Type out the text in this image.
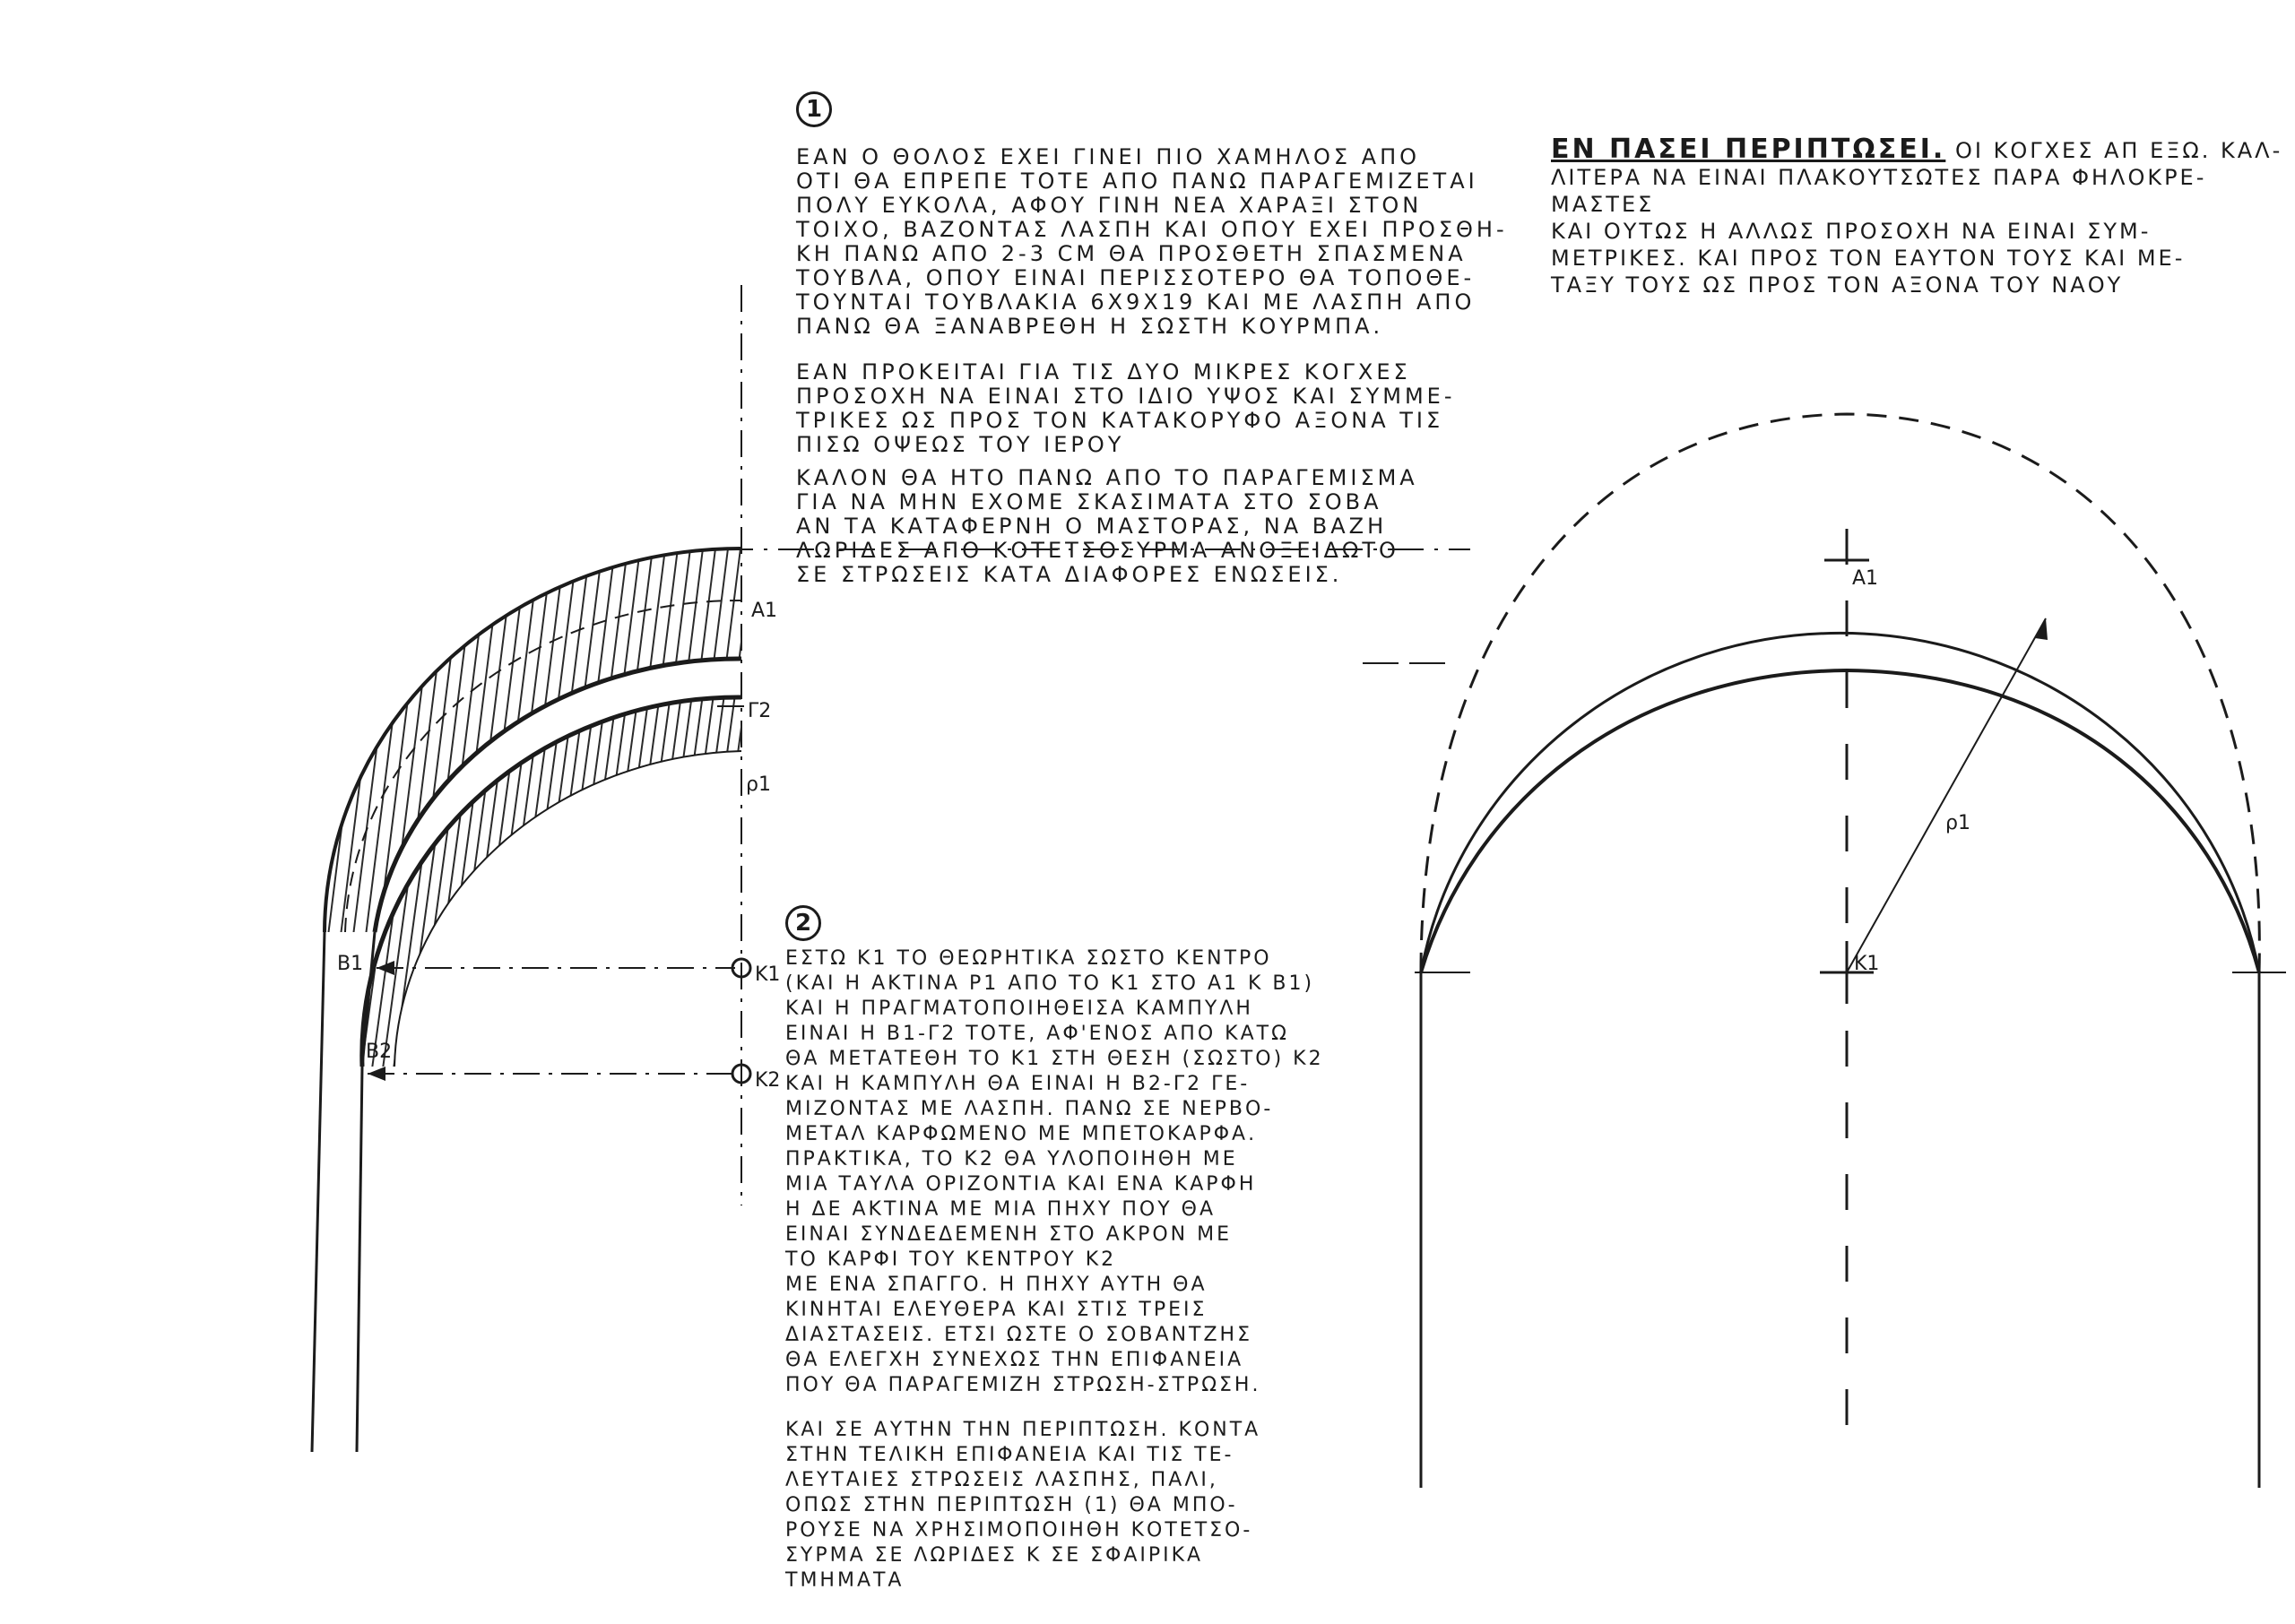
1

ΕΑΝ Ο ΘΟΛΟΣ ΕΧΕΙ ΓΙΝΕΙ ΠΙΟ ΧΑΜΗΛΟΣ ΑΠΟ

ΟΤΙ ΘΑ ΕΠΡΕΠΕ ΤΟΤΕ ΑΠΟ ΠΑΝΩ ΠΑΡΑΓΕΜΙΖΕΤΑΙ

ΠΟΛΥ ΕΥΚΟΛΑ, ΑΦΟΥ ΓΙΝΗ ΝΕΑ ΧΑΡΑΞΙ ΣΤΟΝ

ΤΟΙΧΟ, ΒΑΖΟΝΤΑΣ ΛΑΣΠΗ ΚΑΙ ΟΠΟΥ ΕΧΕΙ ΠΡΟΣΘΗ-

ΚΗ ΠΑΝΩ ΑΠΟ 2-3 CM ΘΑ ΠΡΟΣΘΕΤΗ ΣΠΑΣΜΕΝΑ

ΤΟΥΒΛΑ, ΟΠΟΥ ΕΙΝΑΙ ΠΕΡΙΣΣΟΤΕΡΟ ΘΑ ΤΟΠΟΘΕ-

ΤΟΥΝΤΑΙ ΤΟΥΒΛΑΚΙΑ 6X9X19 ΚΑΙ ΜΕ ΛΑΣΠΗ ΑΠΟ

ΠΑΝΩ ΘΑ ΞΑΝΑΒΡΕΘΗ Η ΣΩΣΤΗ ΚΟΥΡΜΠΑ.

ΕΑΝ ΠΡΟΚΕΙΤΑΙ ΓΙΑ ΤΙΣ ΔΥΟ ΜΙΚΡΕΣ ΚΟΓΧΕΣ

ΠΡΟΣΟΧΗ ΝΑ ΕΙΝΑΙ ΣΤΟ ΙΔΙΟ ΥΨΟΣ ΚΑΙ ΣΥΜΜΕ-

ΤΡΙΚΕΣ ΩΣ ΠΡΟΣ ΤΟΝ ΚΑΤΑΚΟΡΥΦΟ ΑΞΟΝΑ ΤΙΣ

ΠΙΣΩ ΟΨΕΩΣ ΤΟΥ ΙΕΡΟΥ

ΚΑΛΟΝ ΘΑ ΗΤΟ ΠΑΝΩ ΑΠΟ ΤΟ ΠΑΡΑΓΕΜΙΣΜΑ

ΓΙΑ ΝΑ ΜΗΝ ΕΧΟΜΕ ΣΚΑΣΙΜΑΤΑ ΣΤΟ ΣΟΒΑ

ΑΝ ΤΑ ΚΑΤΑΦΕΡΝΗ Ο ΜΑΣΤΟΡΑΣ, ΝΑ ΒΑΖΗ

ΛΩΡΙΔΕΣ ΑΠΟ ΚΟΤΕΤΣΟΣΥΡΜΑ ΑΝΟΞΕΙΔΩΤΟ

ΣΕ ΣΤΡΩΣΕΙΣ ΚΑΤΑ ΔΙΑΦΟΡΕΣ ΕΝΩΣΕΙΣ.

2

ΕΣΤΩ Κ1 ΤΟ ΘΕΩΡΗΤΙΚΑ ΣΩΣΤΟ ΚΕΝΤΡΟ

(ΚΑΙ Η ΑΚΤΙΝΑ Ρ1 ΑΠΟ ΤΟ Κ1 ΣΤΟ Α1 Κ Β1)

ΚΑΙ Η ΠΡΑΓΜΑΤΟΠΟΙΗΘΕΙΣΑ ΚΑΜΠΥΛΗ

ΕΙΝΑΙ Η Β1-Γ2 ΤΟΤΕ, ΑΦ'ΕΝΟΣ ΑΠΟ ΚΑΤΩ

ΘΑ ΜΕΤΑΤΕΘΗ ΤΟ Κ1 ΣΤΗ ΘΕΣΗ (ΣΩΣΤΟ) Κ2

ΚΑΙ Η ΚΑΜΠΥΛΗ ΘΑ ΕΙΝΑΙ Η Β2-Γ2 ΓΕ-

ΜΙΖΟΝΤΑΣ ΜΕ ΛΑΣΠΗ. ΠΑΝΩ ΣΕ ΝΕΡΒΟ-

ΜΕΤΑΛ ΚΑΡΦΩΜΕΝΟ ΜΕ ΜΠΕΤΟΚΑΡΦΑ.

ΠΡΑΚΤΙΚΑ, ΤΟ Κ2 ΘΑ ΥΛΟΠΟΙΗΘΗ ΜΕ

ΜΙΑ ΤΑΥΛΑ ΟΡΙΖΟΝΤΙΑ ΚΑΙ ΕΝΑ ΚΑΡΦΗ

Η ΔΕ ΑΚΤΙΝΑ ΜΕ ΜΙΑ ΠΗΧΥ ΠΟΥ ΘΑ

ΕΙΝΑΙ ΣΥΝΔΕΔΕΜΕΝΗ ΣΤΟ ΑΚΡΟΝ ΜΕ

ΤΟ ΚΑΡΦΙ ΤΟΥ ΚΕΝΤΡΟΥ Κ2

ΜΕ ΕΝΑ ΣΠΑΓΓΟ. Η ΠΗΧΥ ΑΥΤΗ ΘΑ

ΚΙΝΗΤΑΙ ΕΛΕΥΘΕΡΑ ΚΑΙ ΣΤΙΣ ΤΡΕΙΣ

ΔΙΑΣΤΑΣΕΙΣ. ΕΤΣΙ ΩΣΤΕ Ο ΣΟΒΑΝΤΖΗΣ

ΘΑ ΕΛΕΓΧΗ ΣΥΝΕΧΩΣ ΤΗΝ ΕΠΙΦΑΝΕΙΑ

ΠΟΥ ΘΑ ΠΑΡΑΓΕΜΙΖΗ ΣΤΡΩΣΗ-ΣΤΡΩΣΗ.

ΚΑΙ ΣΕ ΑΥΤΗΝ ΤΗΝ ΠΕΡΙΠΤΩΣΗ. ΚΟΝΤΑ

ΣΤΗΝ ΤΕΛΙΚΗ ΕΠΙΦΑΝΕΙΑ ΚΑΙ ΤΙΣ ΤΕ-

ΛΕΥΤΑΙΕΣ ΣΤΡΩΣΕΙΣ ΛΑΣΠΗΣ, ΠΑΛΙ,

ΟΠΩΣ ΣΤΗΝ ΠΕΡΙΠΤΩΣΗ (1) ΘΑ ΜΠΟ-

ΡΟΥΣΕ ΝΑ ΧΡΗΣΙΜΟΠΟΙΗΘΗ ΚΟΤΕΤΣΟ-

ΣΥΡΜΑ ΣΕ ΛΩΡΙΔΕΣ Κ ΣΕ ΣΦΑΙΡΙΚΑ

ΤΜΗΜΑΤΑ

ΕΝ ΠΑΣΕΙ ΠΕΡΙΠΤΩΣΕΙ. ΟΙ ΚΟΓΧΕΣ ΑΠ ΕΞΩ. ΚΑΛ-

ΛΙΤΕΡΑ ΝΑ ΕΙΝΑΙ ΠΛΑΚΟΥΤΣΩΤΕΣ ΠΑΡΑ ΦΗΛΟΚΡΕ-

ΜΑΣΤΕΣ

ΚΑΙ ΟΥΤΩΣ Η ΑΛΛΩΣ ΠΡΟΣΟΧΗ ΝΑ ΕΙΝΑΙ ΣΥΜ-

ΜΕΤΡΙΚΕΣ. ΚΑΙ ΠΡΟΣ ΤΟΝ ΕΑΥΤΟΝ ΤΟΥΣ ΚΑΙ ΜΕ-

ΤΑΞΥ ΤΟΥΣ ΩΣ ΠΡΟΣ ΤΟΝ ΑΞΟΝΑ ΤΟΥ ΝΑΟΥ

A1
Γ2
ρ1
B1
B2
K1
K2
A1
ρ1
K1
